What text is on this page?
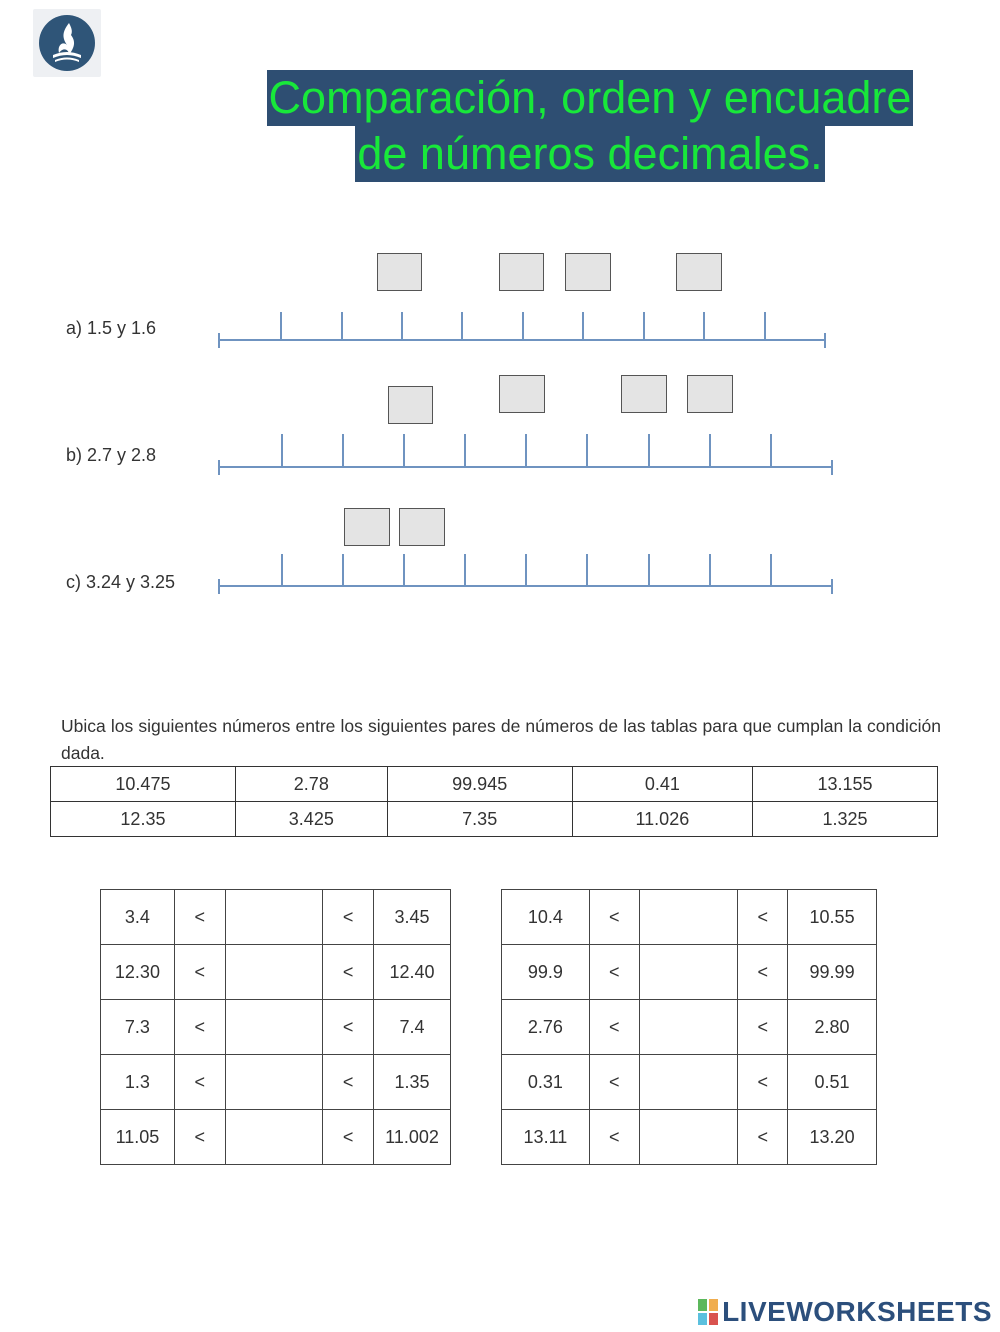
Comparación, orden y encuadre
de números decimales.
a) 1.5 y 1.6
b) 2.7 y 2.8
c) 3.24 y 3.25
Ubica los siguientes números entre los siguientes pares de números de las tablas para que cumplan la condición dada.
10.475	2.78	99.945	0.41	13.155
12.35	3.425	7.35	11.026	1.325
3.4	<		<	3.45
12.30	<		<	12.40
7.3	<		<	7.4
1.3	<		<	1.35
11.05	<		<	11.002
10.4	<		<	10.55
99.9	<		<	99.99
2.76	<		<	2.80
0.31	<		<	0.51
13.11	<		<	13.20
LIVEWORKSHEETS
